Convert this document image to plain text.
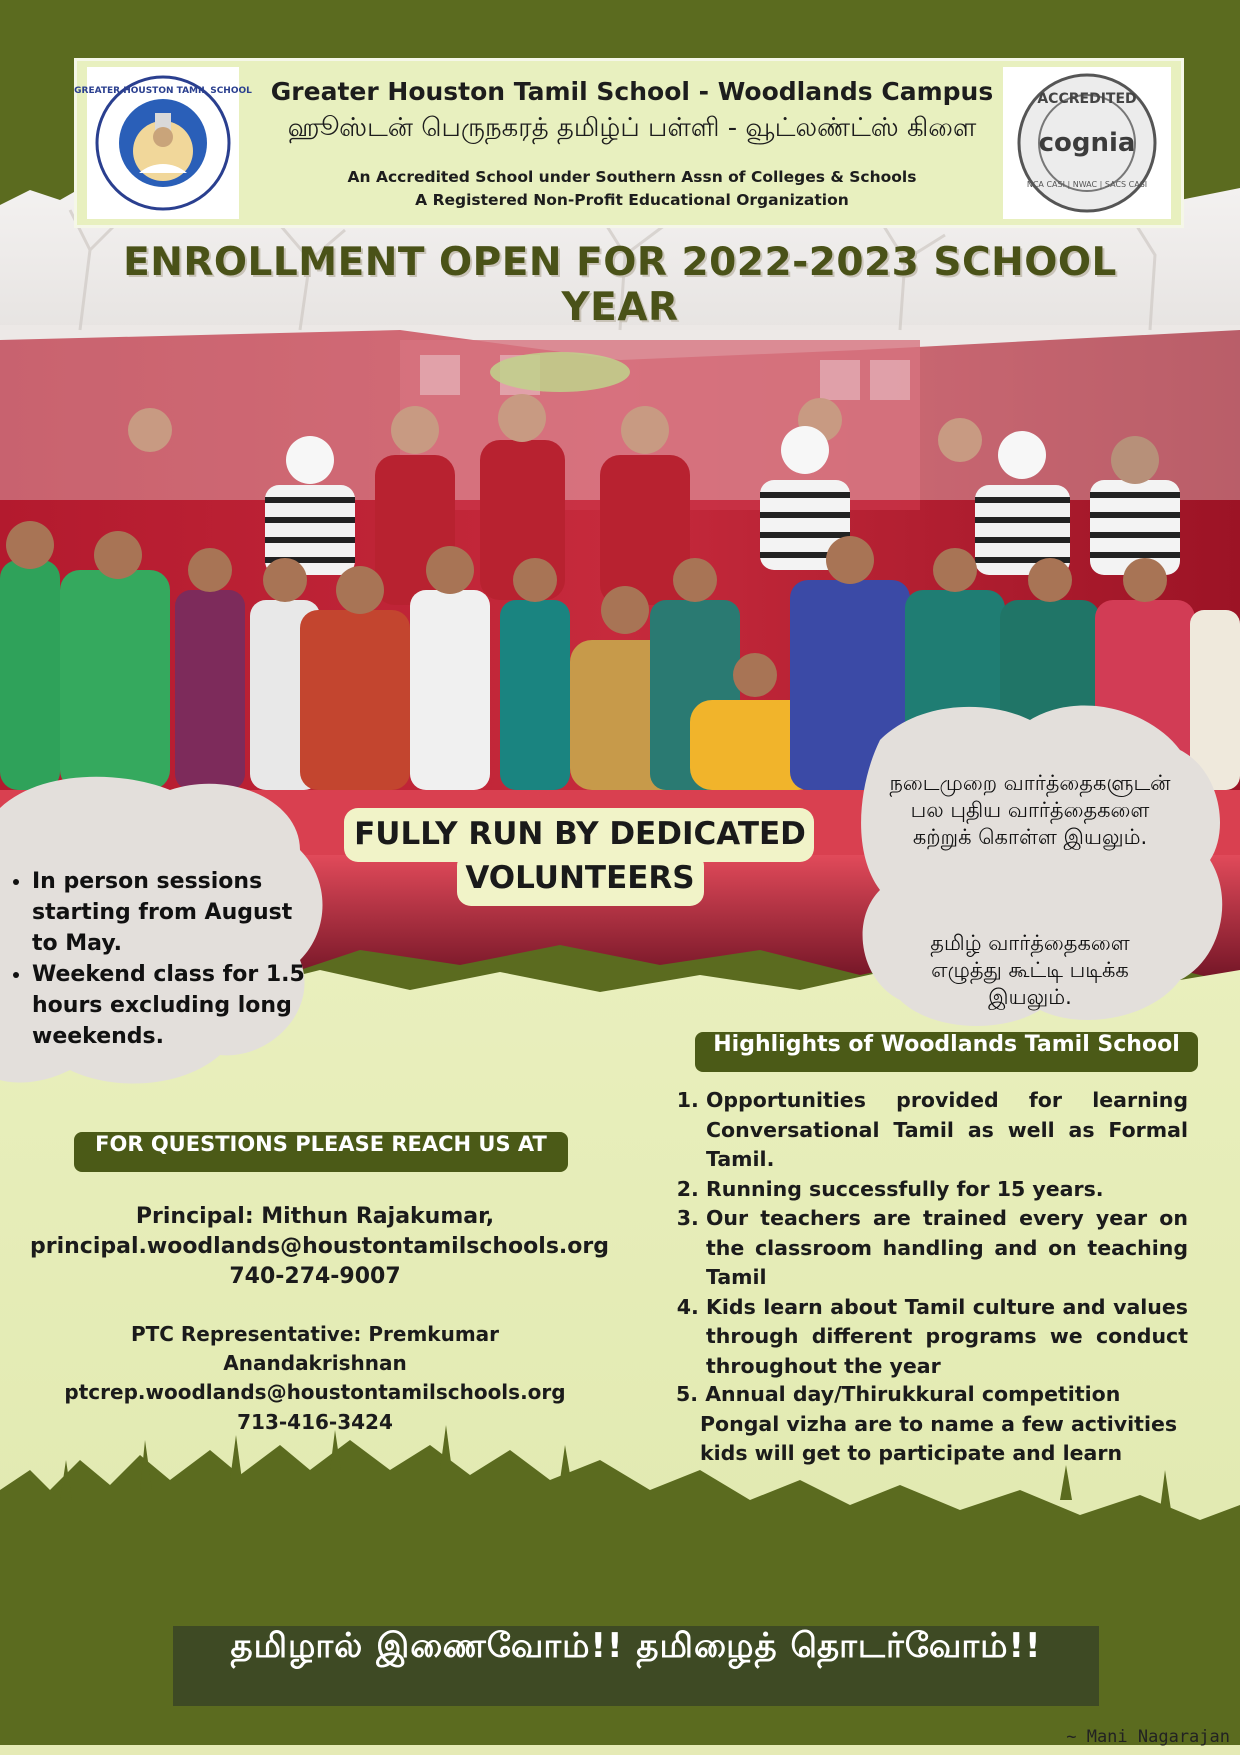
GREATER HOUSTON TAMIL SCHOOL Greater Houston Tamil School - Woodlands Campus
ஹூஸ்டன் பெருநகரத் தமிழ்ப் பள்ளி - வூட்லண்ட்ஸ் கிளை
An Accredited School under Southern Assn of Colleges & Schools
A Registered Non-Profit Educational Organization
ACCREDITED
cognia
NCA CASI | NWAC | SACS CASI
ENROLLMENT OPEN FOR 2022-2023 SCHOOL YEAR
FULLY RUN BY DEDICATED
VOLUNTEERS
• In person sessions starting from August to May.
• Weekend class for 1.5 hours excluding long weekends.
நடைமுறை வார்த்தைகளுடன் பல புதிய வார்த்தைகளை கற்றுக் கொள்ள இயலும்.
தமிழ் வார்த்தைகளை எழுத்து கூட்டி படிக்க இயலும்.
Highlights of Woodlands Tamil School
1. Opportunities provided for learning Conversational Tamil as well as Formal Tamil.
2. Running successfully for 15 years.
3. Our teachers are trained every year on the classroom handling and on teaching Tamil
4. Kids learn about Tamil culture and values through different programs we conduct throughout the year
5. Annual day/Thirukkural competition
Pongal vizha are to name a few activities
kids will get to participate and learn
FOR QUESTIONS PLEASE REACH US AT
Principal: Mithun Rajakumar,
principal.woodlands@houstontamilschools.org
740-274-9007
PTC Representative: Premkumar
Anandakrishnan
ptcrep.woodlands@houstontamilschools.org
713-416-3424
தமிழால் இணைவோம்!! தமிழைத் தொடர்வோம்!!
~ Mani Nagarajan
